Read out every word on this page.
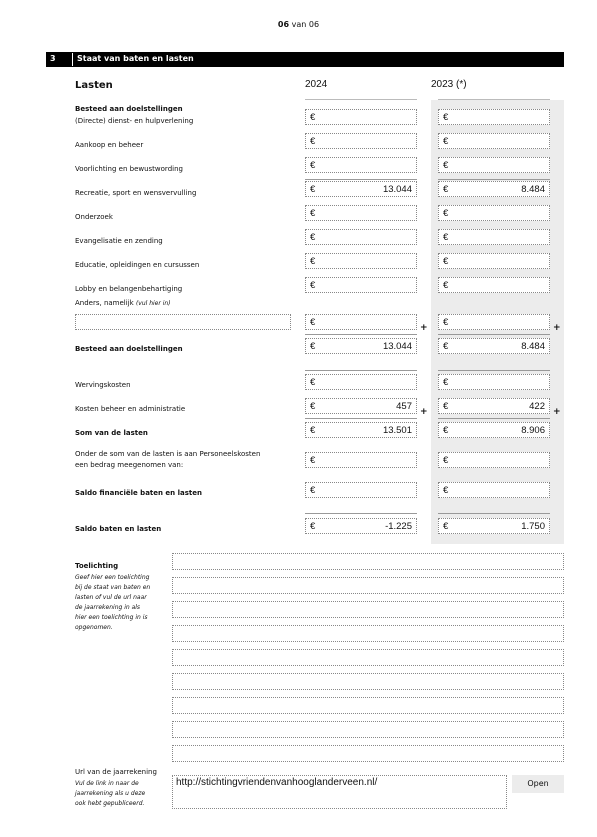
06 van 06
3	Staat van baten en lasten
Lasten	2024	2023 (*)
Besteed aan doelstellingen
(Directe) dienst- en hulpverlening	€	€
Aankoop en beheer	€	€
Voorlichting en bewustwording	€	€
Recreatie, sport en wensvervulling	€	13.044	€	8.484
Onderzoek	€	€
Evangelisatie en zending	€	€
Educatie, opleidingen en cursussen	€	€
Lobby en belangenbehartiging	€	€
Anders, namelijk (vul hier in)
€	€
+	+
Besteed aan doelstellingen	€	13.044	€	8.484
Wervingskosten	€	€
Kosten beheer en administratie	€	457	€	422
+	+
Som van de lasten	€	13.501	€	8.906
Onder de som van de lasten is aan Personeelskosten
een bedrag meegenomen van:	€	€
Saldo financiële baten en lasten	€	€
Saldo baten en lasten	€	-1.225	€	1.750
Toelichting
Geef hier een toelichting
bij de staat van baten en
lasten of vul de url naar
de jaarrekening in als
hier een toelichting in is
opgenomen.
Url van de jaarrekening
Vul de link in naar de
jaarrekening als u deze
ook hebt gepubliceerd.
http://stichtingvriendenvanhooglanderveen.nl/	Open
